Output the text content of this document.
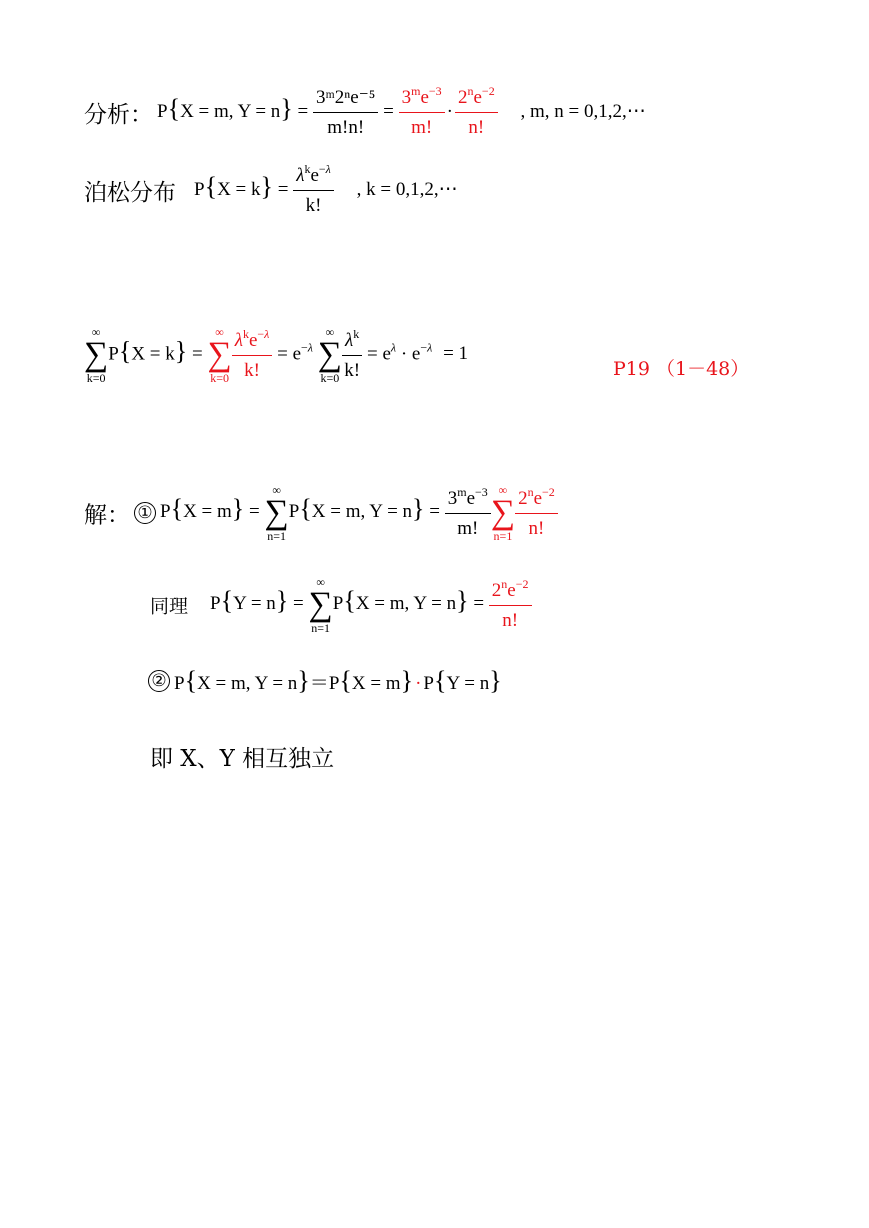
分析： P{X = m, $Y = n\} = \frac{\text{3ᵐ2ⁿe⁻⁵}}{m!n!} = \frac{3^me^{-3}}{m!} \cdot \frac{2^ne^{-2}}{n!}$ , m, n = 0,1,2,⋯
泊松分布 $P\{X = k\} = \frac{\lambda^ke^{-\lambda}}{k!}$ , k = 0,1,2,⋯
∞
∑
k=0
P{X = k} =
∞
∑
$k=0 \frac{\lambda^ke^{-\lambda}}{k!} = e^{-\lambda}$
∞
∑
$k=0 \frac{\lambda^k}{k!} = e^\lambda \cdot e^{-\lambda} = 1$
P19 （1－48）
解： ① P{X = m} =
∞
∑
n=1
P{X = m, $Y = n\} = \frac{3^me^{-3}}{m!}$ ∞
∑
$n=1 \frac{2^ne^{-2}}{n!}$
同理 P{Y = n} =
∞
∑
n=1
P{X = m, $Y = n\} = \frac{2^ne^{-2}}{n!}$
② P{X = m, Y = n}＝P{X = m} · P{Y = n}
即 X、Y 相互独立
